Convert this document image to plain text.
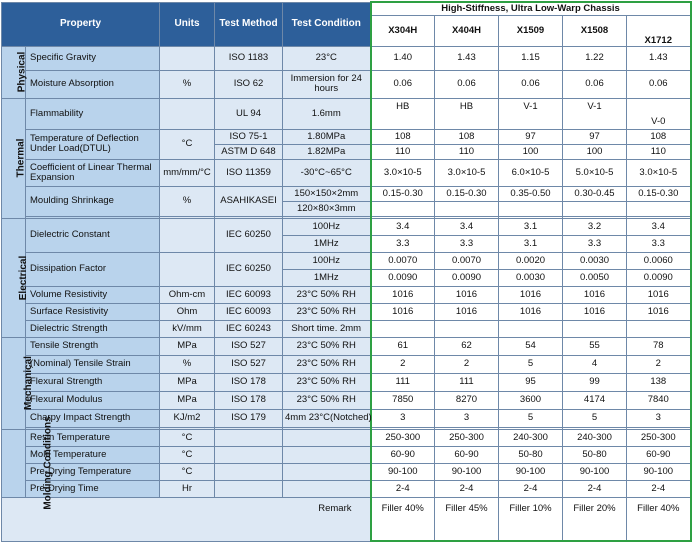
Property		Units	Test Method	Test Condition	High-Stiffness, Ultra Low-Warp Chassis				
					X304H	X404H	X1509	X1508	X1712

Physical	Specific Gravity		ISO 1183	23°C	1.40	1.43	1.15	1.22	1.43
	Moisture Absorption	%	ISO 62	Immersion for 24 hours	0.06	0.06	0.06	0.06	0.06
Thermal	Flammability		UL 94	1.6mm	HB	HB	V-1	V-1	V-0
	Temperature of Deflection Under Load(DTUL)	°C	ISO 75-1	1.80MPa	108	108	97	97	108
			ASTM D 648	1.82MPa	110	110	100	100	110
	Coefficient of Linear Thermal Expansion	mm/mm/°C	ISO 11359	-30°C~65°C	3.0×10-5	3.0×10-5	6.0×10-5	5.0×10-5	3.0×10-5
	Moulding Shrinkage	%	ASAHIKASEI	150×150×2mm	0.15-0.30	0.15-0.30	0.35-0.50	0.30-0.45	0.15-0.30
				120×80×3mm					

Electrical	Dielectric Constant		IEC 60250	100Hz	3.4	3.4	3.1	3.2	3.4
				1MHz	3.3	3.3	3.1	3.3	3.3
	Dissipation Factor		IEC 60250	100Hz	0.0070	0.0070	0.0020	0.0030	0.0060
				1MHz	0.0090	0.0090	0.0030	0.0050	0.0090
	Volume Resistivity	Ohm-cm	IEC 60093	23°C 50% RH	1016	1016	1016	1016	1016
	Surface Resistivity	Ohm	IEC 60093	23°C 50% RH	1016	1016	1016	1016	1016
	Dielectric Strength	kV/mm	IEC 60243	Short time. 2mm					
Mechanical	Tensile Strength	MPa	ISO 527	23°C 50% RH	61	62	54	55	78
	(Nominal) Tensile Strain	%	ISO 527	23°C 50% RH	2	2	5	4	2
	Flexural Strength	MPa	ISO 178	23°C 50% RH	111	111	95	99	138
	Flexural Modulus	MPa	ISO 178	23°C 50% RH	7850	8270	3600	4174	7840
	Charpy Impact Strength	KJ/m2	ISO 179	4mm 23°C(Notched)	3	3	5	5	3

Molding Conditions	Resin Temperature	°C			250-300	250-300	240-300	240-300	250-300
	Mold Temperature	°C			60-90	60-90	50-80	50-80	60-90
	Pre-Drying Temperature	°C			90-100	90-100	90-100	90-100	90-100
	Pre-Drying Time	Hr			2-4	2-4	2-4	2-4	2-4
Remark					Filler 40%	Filler 45%	Filler 10%	Filler 20%	Filler 40%
